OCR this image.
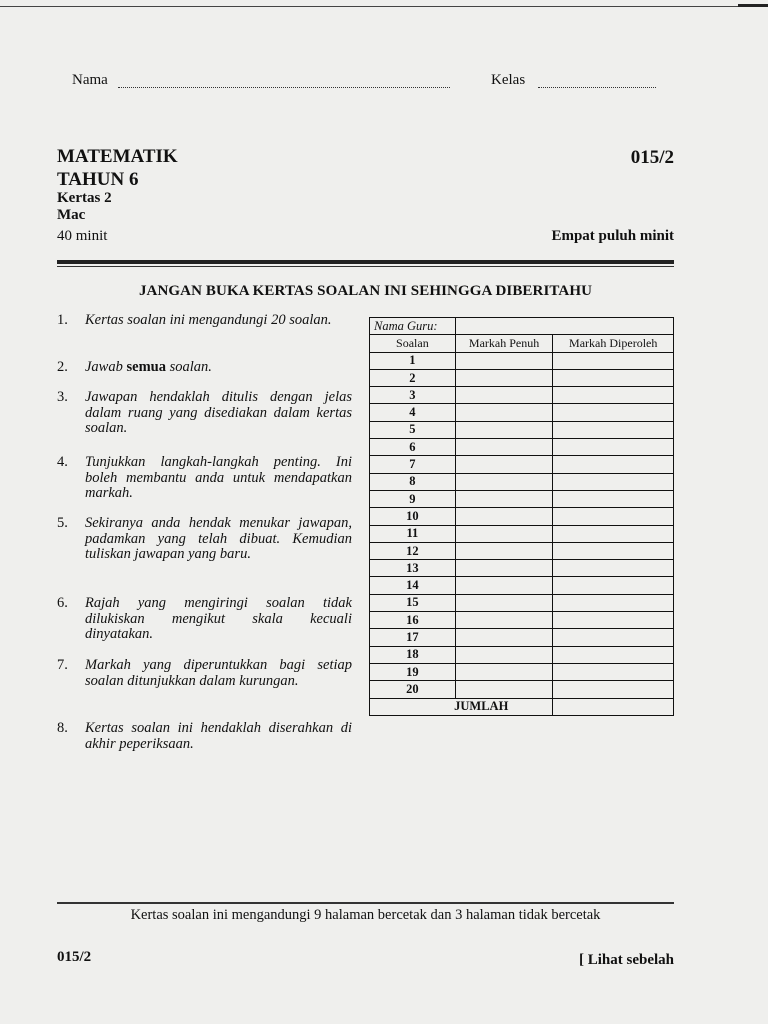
Nama	Kelas
MATEMATIK
TAHUN 6
Kertas 2
Mac
40 minit
015/2
Empat puluh minit
JANGAN BUKA KERTAS SOALAN INI SEHINGGA DIBERITAHU
1.	Kertas soalan ini mengandungi 20 soalan.
2.	Jawab semua soalan.
3.	Jawapan hendaklah ditulis dengan jelas dalam ruang yang disediakan dalam kertas soalan.
4.	Tunjukkan langkah-langkah penting. Ini boleh membantu anda untuk mendapatkan markah.
5.	Sekiranya anda hendak menukar jawapan, padamkan yang telah dibuat. Kemudian tuliskan jawapan yang baru.
6.	Rajah yang mengiringi soalan tidak dilukiskan mengikut skala kecuali dinyatakan.
7.	Markah yang diperuntukkan bagi setiap soalan ditunjukkan dalam kurungan.
8.	Kertas soalan ini hendaklah diserahkan di akhir peperiksaan.
Nama Guru:		
Soalan	Markah Penuh	Markah Diperoleh
1		
2		
3		
4		
5		
6		
7		
8		
9		
10		
11		
12		
13		
14		
15		
16		
17		
18		
19		
20		
JUMLAH		
Kertas soalan ini mengandungi 9 halaman bercetak dan 3 halaman tidak bercetak
015/2	[ Lihat sebelah
